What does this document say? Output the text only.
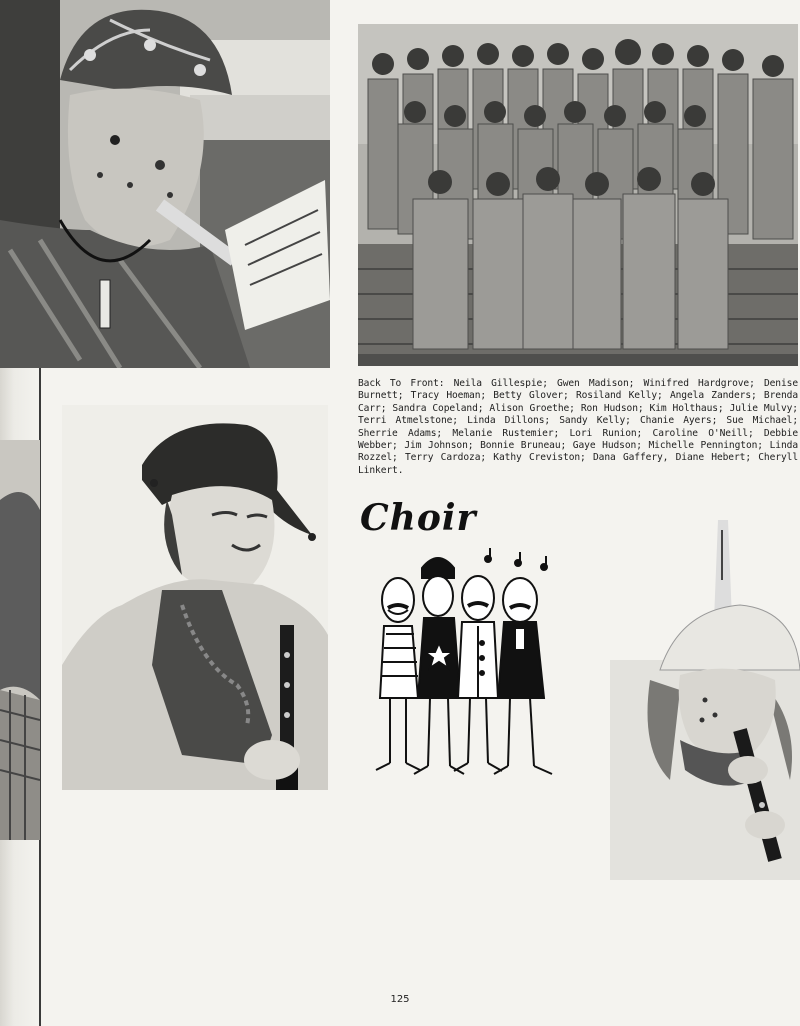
Back To Front: Neila Gillespie; Gwen Madison; Winifred Hardgrove; Denise Burnett; Tracy Hoeman; Betty Glover; Rosiland Kelly; Angela Zanders; Brenda Carr; Sandra Copeland; Alison Groethe; Ron Hudson; Kim Holthaus; Julie Mulvy; Terri Atmelstone; Linda Dillons; Sandy Kelly; Chanie Ayers; Sue Michael; Sherrie Adams; Melanie Rustemier; Lori Runion; Caroline O'Neill; Debbie Webber; Jim Johnson; Bonnie Bruneau; Gaye Hudson; Michelle Pennington; Linda Rozzel; Terry Cardoza; Kathy Creviston; Dana Gaffery, Diane Hebert; Cheryll Linkert.
Choir
125
